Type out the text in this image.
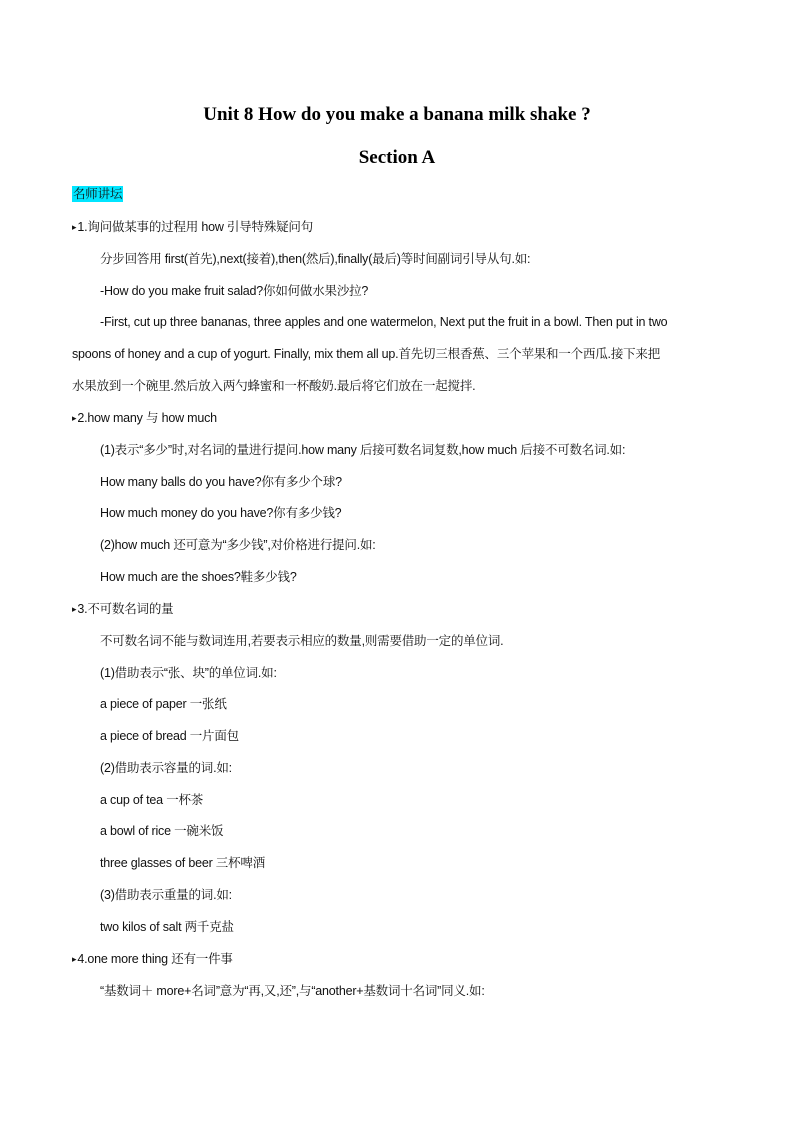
Unit 8 How do you make a banana milk shake ?
Section A
名师讲坛
▸1.询问做某事的过程用 how 引导特殊疑问句
分步回答用 first(首先),next(接着),then(然后),finally(最后)等时间副词引导从句.如:
-How do you make fruit salad?你如何做水果沙拉?
-First, cut up three bananas, three apples and one watermelon, Next put the fruit in a bowl. Then put in two
spoons of honey and a cup of yogurt. Finally, mix them all up.首先切三根香蕉、三个苹果和一个西瓜.接下来把
水果放到一个碗里.然后放入两勺蜂蜜和一杯酸奶.最后将它们放在一起搅拌.
▸2.how many 与 how much
(1)表示“多少”时,对名词的量进行提问.how many 后接可数名词复数,how much 后接不可数名词.如:
How many balls do you have?你有多少个球?
How much money do you have?你有多少钱?
(2)how much 还可意为“多少钱”,对价格进行提问.如:
How much are the shoes?鞋多少钱?
▸3.不可数名词的量
不可数名词不能与数词连用,若要表示相应的数量,则需要借助一定的单位词.
(1)借助表示“张、块”的单位词.如:
a piece of paper 一张纸
a piece of bread 一片面包
(2)借助表示容量的词.如:
a cup of tea 一杯茶
a bowl of rice 一碗米饭
three glasses of beer 三杯啤酒
(3)借助表示重量的词.如:
two kilos of salt 两千克盐
▸4.one more thing 还有一件事
“基数词＋ more+名词”意为“再,又,还”,与“another+基数词十名词”同义.如:
